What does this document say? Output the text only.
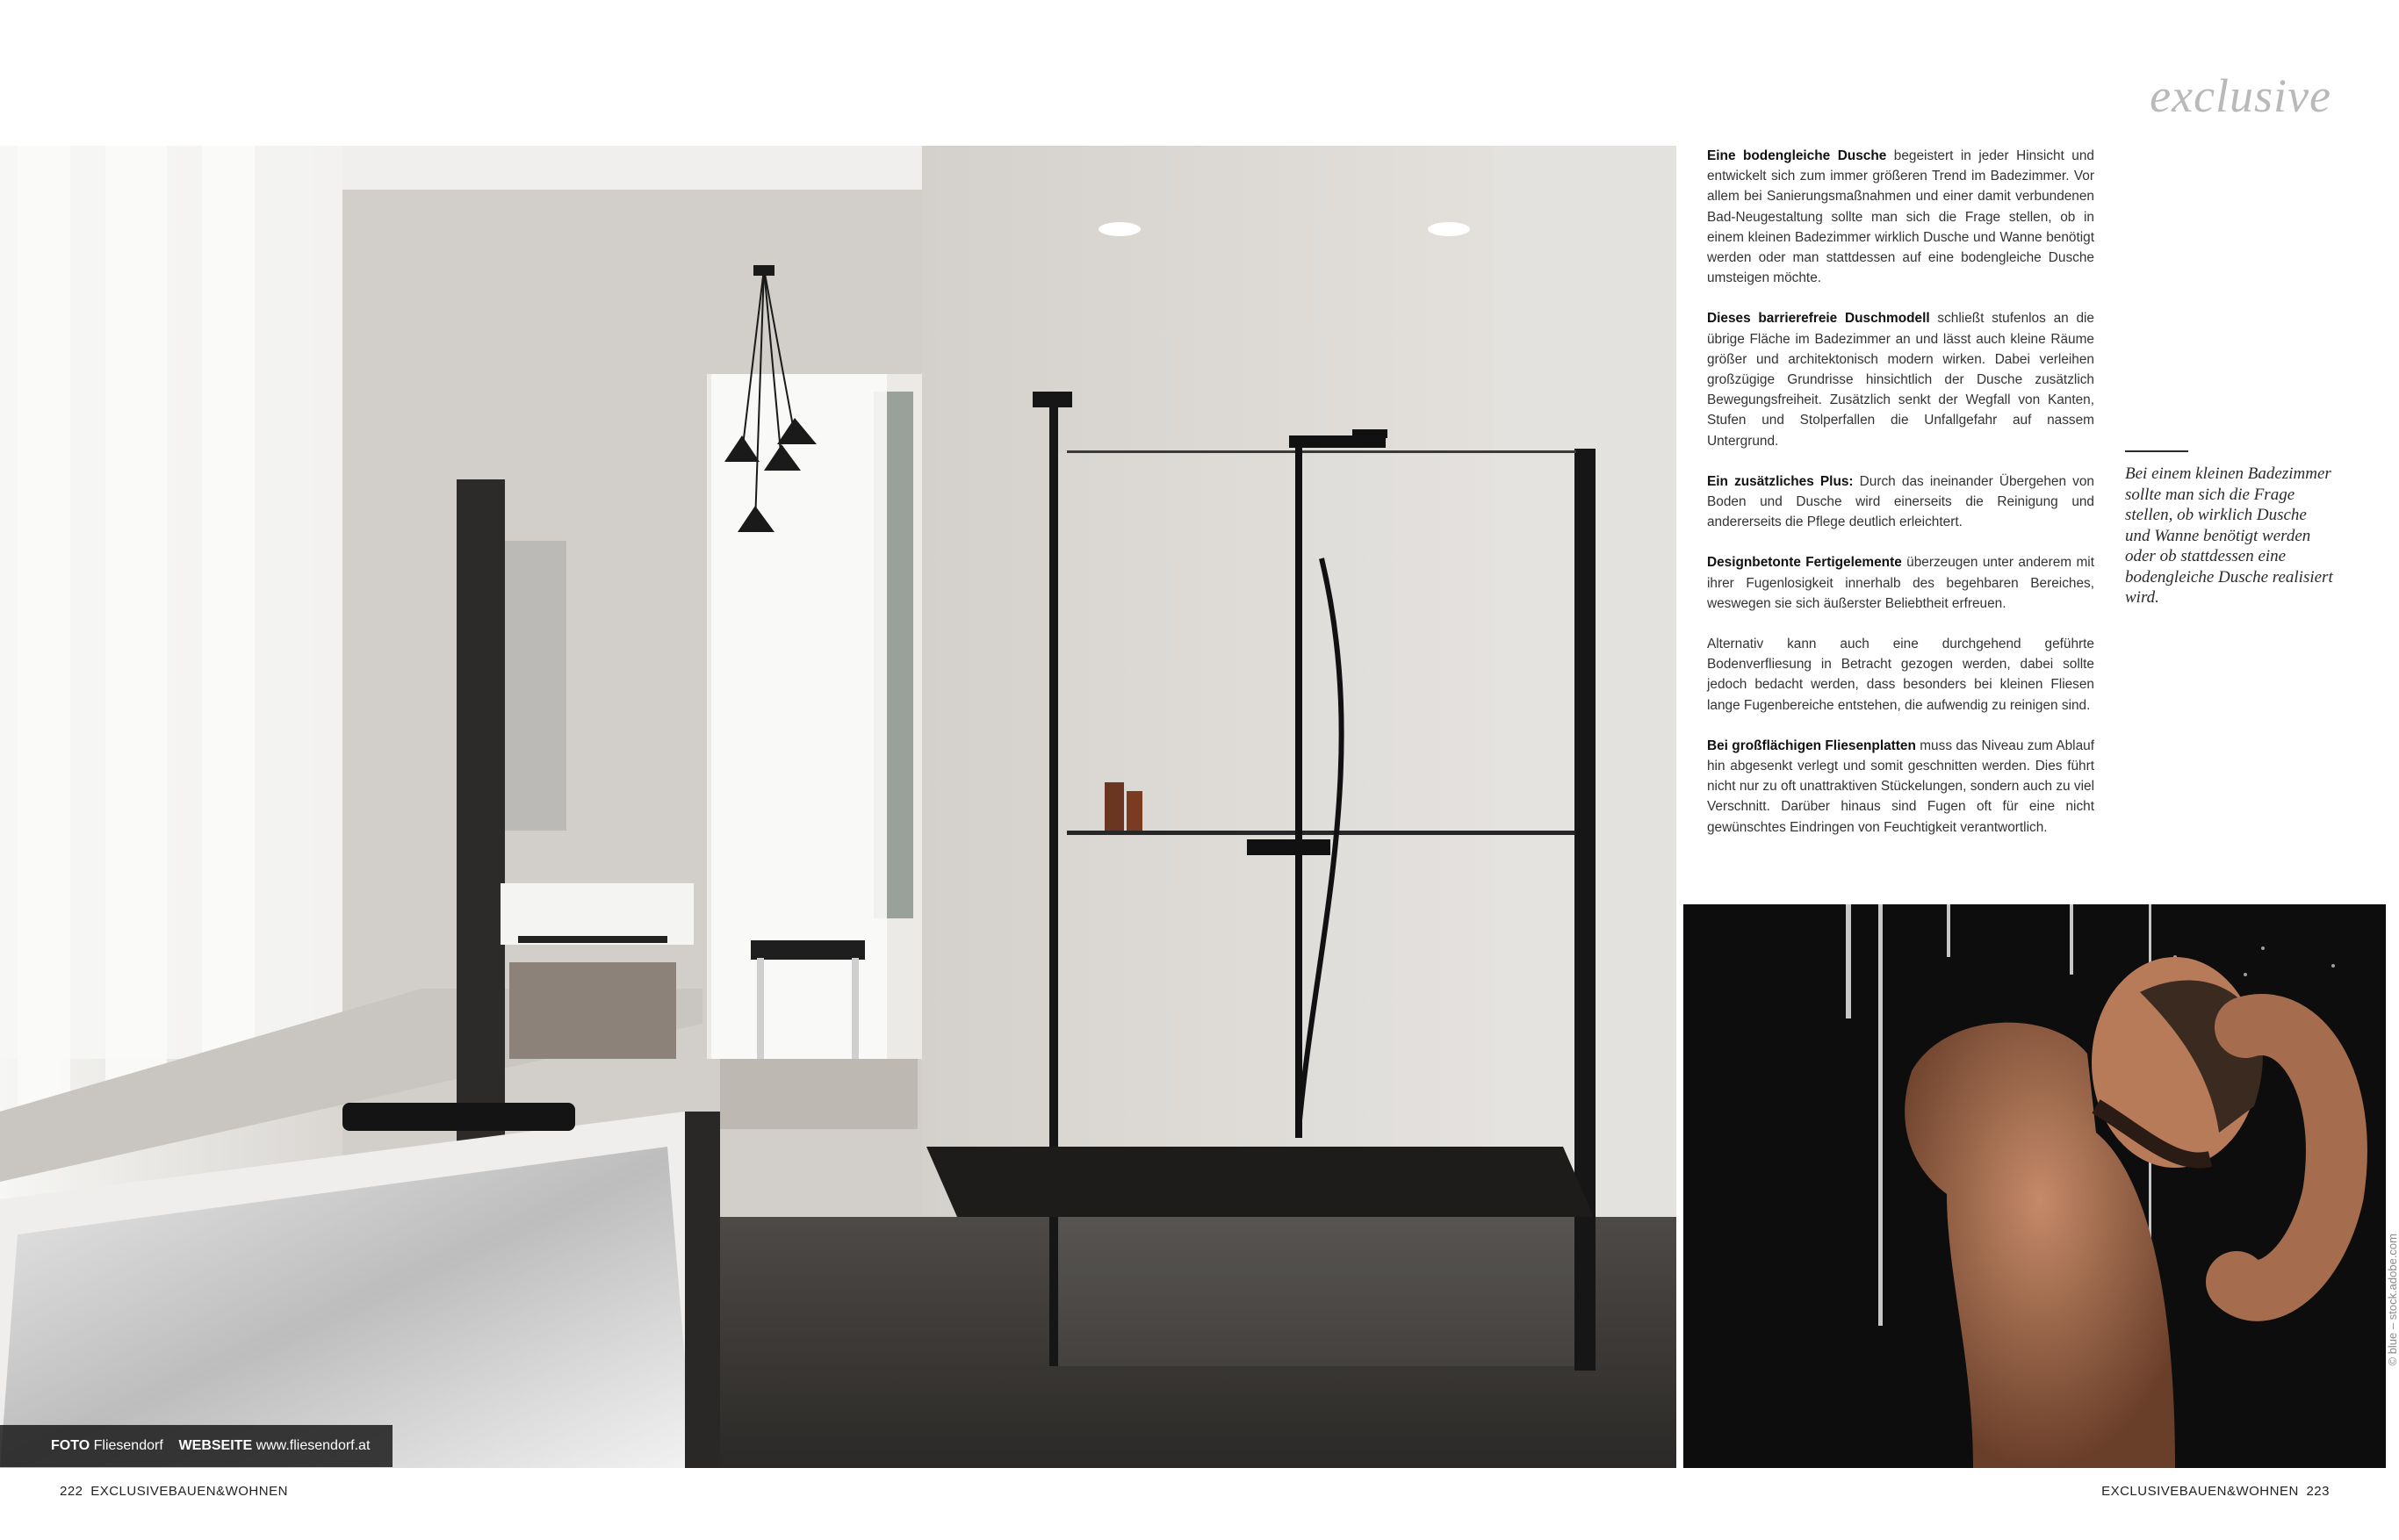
exclusive
FOTO Fliesendorf WEBSEITE www.fliesendorf.at

Eine bodengleiche Dusche begeistert in jeder Hinsicht und entwickelt sich zum immer größeren Trend im Badezimmer. Vor allem bei Sanierungsmaßnahmen und einer damit verbundenen Bad-Neugestaltung sollte man sich die Frage stellen, ob in einem kleinen Badezimmer wirklich Dusche und Wanne benötigt werden oder man stattdessen auf eine bodengleiche Dusche umsteigen möchte.

Dieses barrierefreie Duschmodell schließt stufenlos an die übrige Fläche im Badezimmer an und lässt auch kleine Räume größer und architektonisch modern wirken. Dabei verleihen großzügige Grundrisse hinsichtlich der Dusche zusätzlich Bewegungsfreiheit. Zusätzlich senkt der Wegfall von Kanten, Stufen und Stolperfallen die Unfallgefahr auf nassem Untergrund.

Ein zusätzliches Plus: Durch das ineinander Übergehen von Boden und Dusche wird einerseits die Reinigung und andererseits die Pflege deutlich erleichtert.

Designbetonte Fertigelemente überzeugen unter anderem mit ihrer Fugenlosigkeit innerhalb des begehbaren Bereiches, weswegen sie sich äußerster Beliebtheit erfreuen.

Alternativ kann auch eine durchgehend geführte Bodenverfliesung in Betracht gezogen werden, dabei sollte jedoch bedacht werden, dass besonders bei kleinen Fliesen lange Fugenbereiche entstehen, die aufwendig zu reinigen sind.

Bei großflächigen Fliesenplatten muss das Niveau zum Ablauf hin abgesenkt verlegt und somit geschnitten werden. Dies führt nicht nur zu oft unattraktiven Stückelungen, sondern auch zu viel Verschnitt. Darüber hinaus sind Fugen oft für eine nicht gewünschtes Eindringen von Feuchtigkeit verantwortlich.

Bei einem kleinen Badezimmer sollte man sich die Frage stellen, ob wirklich Dusche und Wanne benötigt werden oder ob stattdessen eine bodengleiche Dusche realisiert wird.
© blue – stock.adobe.com
222 EXCLUSIVEBAUEN&WOHNEN	EXCLUSIVEBAUEN&WOHNEN 223
